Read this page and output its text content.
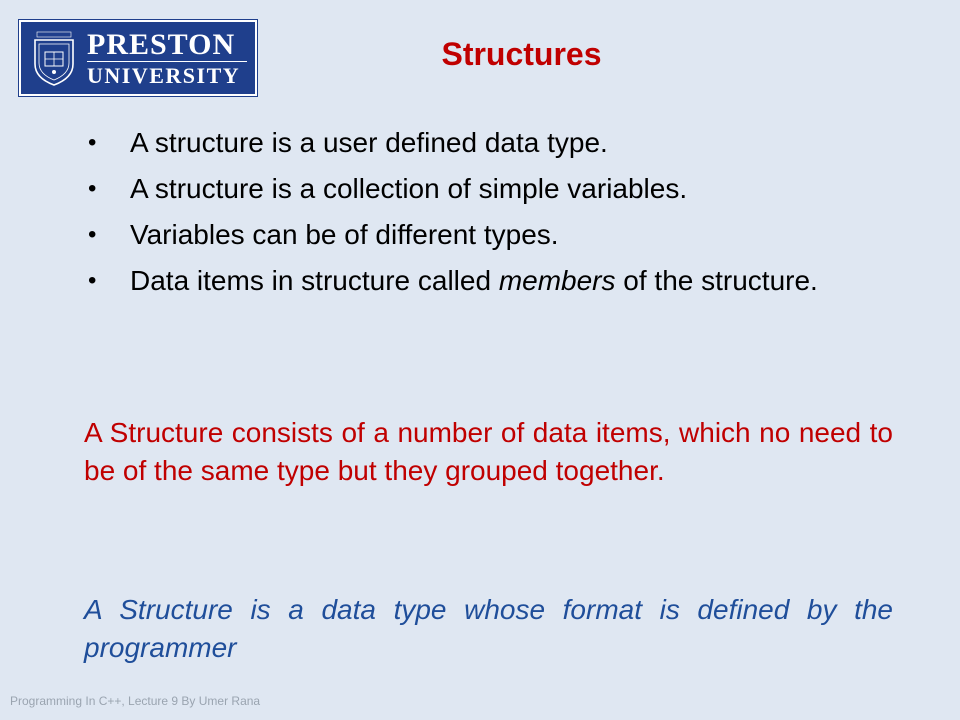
PRESTON
UNIVERSITY
Structures
•	A structure is a user defined data type.
•	A structure is a collection of simple variables.
•	Variables can be of different types.
•	Data items in structure called members of the structure.

A Structure consists of a number of data items, which no need to be of the same type but they grouped together.

A Structure is a data type whose format is defined by the programmer

Programming In C++, Lecture 9 By Umer Rana
